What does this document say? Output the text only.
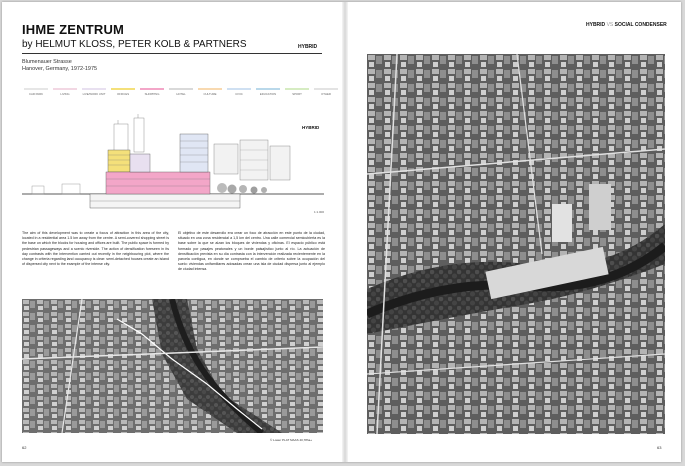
IHME ZENTRUM
by HELMUT KLOSS, PETER KOLB & PARTNERS	HYBRID
Blumenauer Strasse
Hanover, Germany, 1972-1975
CAR PARK	LIVING	LIVE/WORK UNIT	OFFICES	SHOPPING	HOTEL	CULTURE	CIVIC	EDUCATION	SPORT	OTHER
HYBRID
1:1.000
The aim of this development was to create a focus of attraction in this area of the city, located in a residential area 1.5 km away from the centre. A semi-covered shopping street is the base on which the blocks for housing and offices are built. The public space is formed by pedestrian passageways and a scenic riverside. The action of densification foreseen in its day contrasts with the intervention carried out recently in the neighbouring plot, where the change in criteria regarding land occupancy is clear: semi-detached houses create an island of dispersed city next to the example of the intense city.
El objetivo de este desarrollo era crear un foco de atracción en este punto de la ciudad, situado en una zona residencial a 1,5 km del centro. Una calle comercial semicubierta es la base sobre la que se alzan los bloques de viviendas y oficinas. El espacio público está formado por pasajes peatonales y un borde paisajístico junto al río. La actuación de densificación prevista en su día contrasta con la intervención realizada recientemente en la parcela contigua, en donde se comprueba el cambio de criterio sobre la ocupación del suelo: viviendas unifamiliares adosadas crean una isla de ciudad dispersa junto al ejemplo de ciudad intensa.
© Lower PLAT MAAS 40,78ha+
62
HYBRID VS SOCIAL CONDENSER
63
